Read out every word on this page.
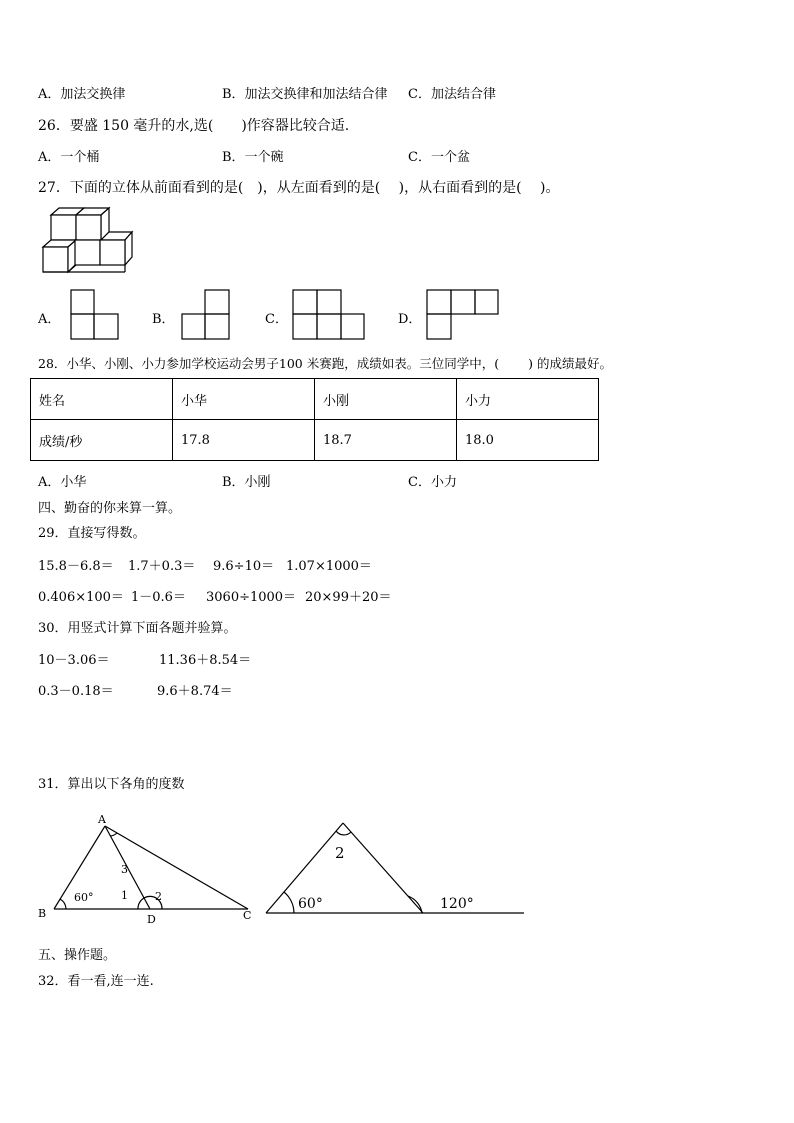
A．加法交换律	B．加法交换律和加法结合律 C．加法结合律
26．要盛 150 毫升的水,选(　　)作容器比较合适.
A．一个桶	B．一个碗	C．一个盆
27．下面的立体从前面看到的是(　)，从左面看到的是(　 )，从右面看到的是(　 )。
A．	B．	C．	D．
28．小华、小刚、小力参加学校运动会男子100 米赛跑，成绩如表。三位同学中，(　　 ) 的成绩最好。
姓名	小华	小刚	小力
成绩/秒	17.8	18.7	18.0
A．小华	B．小刚	C．小力
四、勤奋的你来算一算。
29．直接写得数。
15.8－6.8＝ 1.7＋0.3＝ 9.6÷10＝ 1.07×1000＝
0.406×100＝ 1－0.6＝ 3060÷1000＝ 20×99＋20＝
30．用竖式计算下面各题并验算。
10－3.06＝	11.36＋8.54＝
0.3－0.18＝	9.6＋8.74＝
31．算出以下各角的度数
A
B	C
D
60°
3
1 2
2
60°	120°
五、操作题。
32．看一看,连一连.
